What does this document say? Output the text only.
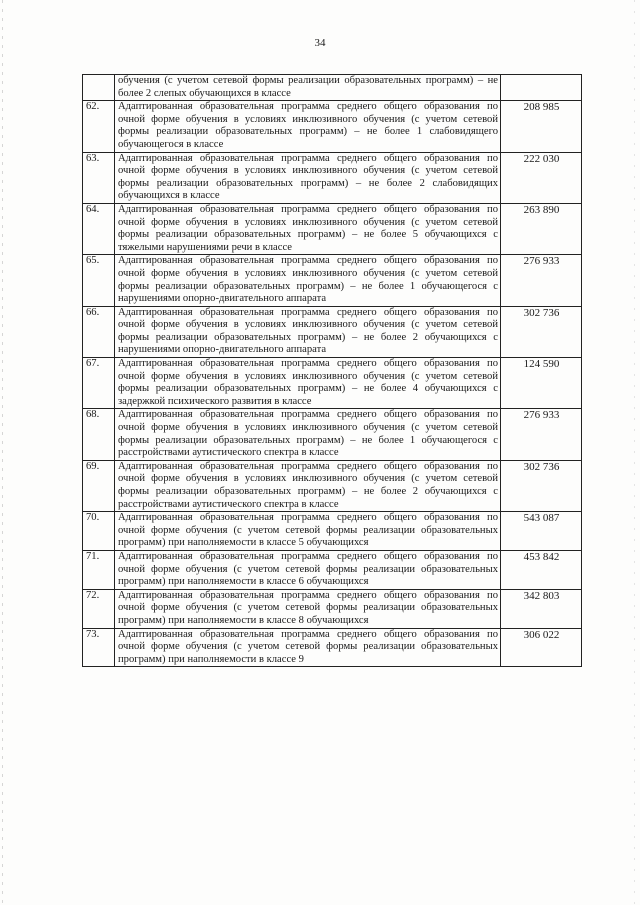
34
	обучения (с учетом сетевой формы реализации образовательных программ) – не более 2 слепых обучающихся в классе	
62.	Адаптированная образовательная программа среднего общего образования по очной форме обучения в условиях инклюзивного обучения (с учетом сетевой формы реализации образовательных программ) – не более 1 слабовидящего обучающегося в классе	208 985
63.	Адаптированная образовательная программа среднего общего образования по очной форме обучения в условиях инклюзивного обучения (с учетом сетевой формы реализации образовательных программ) – не более 2 слабовидящих обучающихся в классе	222 030
64.	Адаптированная образовательная программа среднего общего образования по очной форме обучения в условиях инклюзивного обучения (с учетом сетевой формы реализации образовательных программ) – не более 5 обучающихся с тяжелыми нарушениями речи в классе	263 890
65.	Адаптированная образовательная программа среднего общего образования по очной форме обучения в условиях инклюзивного обучения (с учетом сетевой формы реализации образовательных программ) – не более 1 обучающегося с нарушениями опорно-двигательного аппарата	276 933
66.	Адаптированная образовательная программа среднего общего образования по очной форме обучения в условиях инклюзивного обучения (с учетом сетевой формы реализации образовательных программ) – не более 2 обучающихся с нарушениями опорно-двигательного аппарата	302 736
67.	Адаптированная образовательная программа среднего общего образования по очной форме обучения в условиях инклюзивного обучения (с учетом сетевой формы реализации образовательных программ) – не более 4 обучающихся с задержкой психического развития в классе	124 590
68.	Адаптированная образовательная программа среднего общего образования по очной форме обучения в условиях инклюзивного обучения (с учетом сетевой формы реализации образовательных программ) – не более 1 обучающегося с расстройствами аутистического спектра в классе	276 933
69.	Адаптированная образовательная программа среднего общего образования по очной форме обучения в условиях инклюзивного обучения (с учетом сетевой формы реализации образовательных программ) – не более 2 обучающихся с расстройствами аутистического спектра в классе	302 736
70.	Адаптированная образовательная программа среднего общего образования по очной форме обучения (с учетом сетевой формы реализации образовательных программ) при наполняемости в классе 5 обучающихся	543 087
71.	Адаптированная образовательная программа среднего общего образования по очной форме обучения (с учетом сетевой формы реализации образовательных программ) при наполняемости в классе 6 обучающихся	453 842
72.	Адаптированная образовательная программа среднего общего образования по очной форме обучения (с учетом сетевой формы реализации образовательных программ) при наполняемости в классе 8 обучающихся	342 803
73.	Адаптированная образовательная программа среднего общего образования по очной форме обучения (с учетом сетевой формы реализации образовательных программ) при наполняемости в классе 9	306 022
